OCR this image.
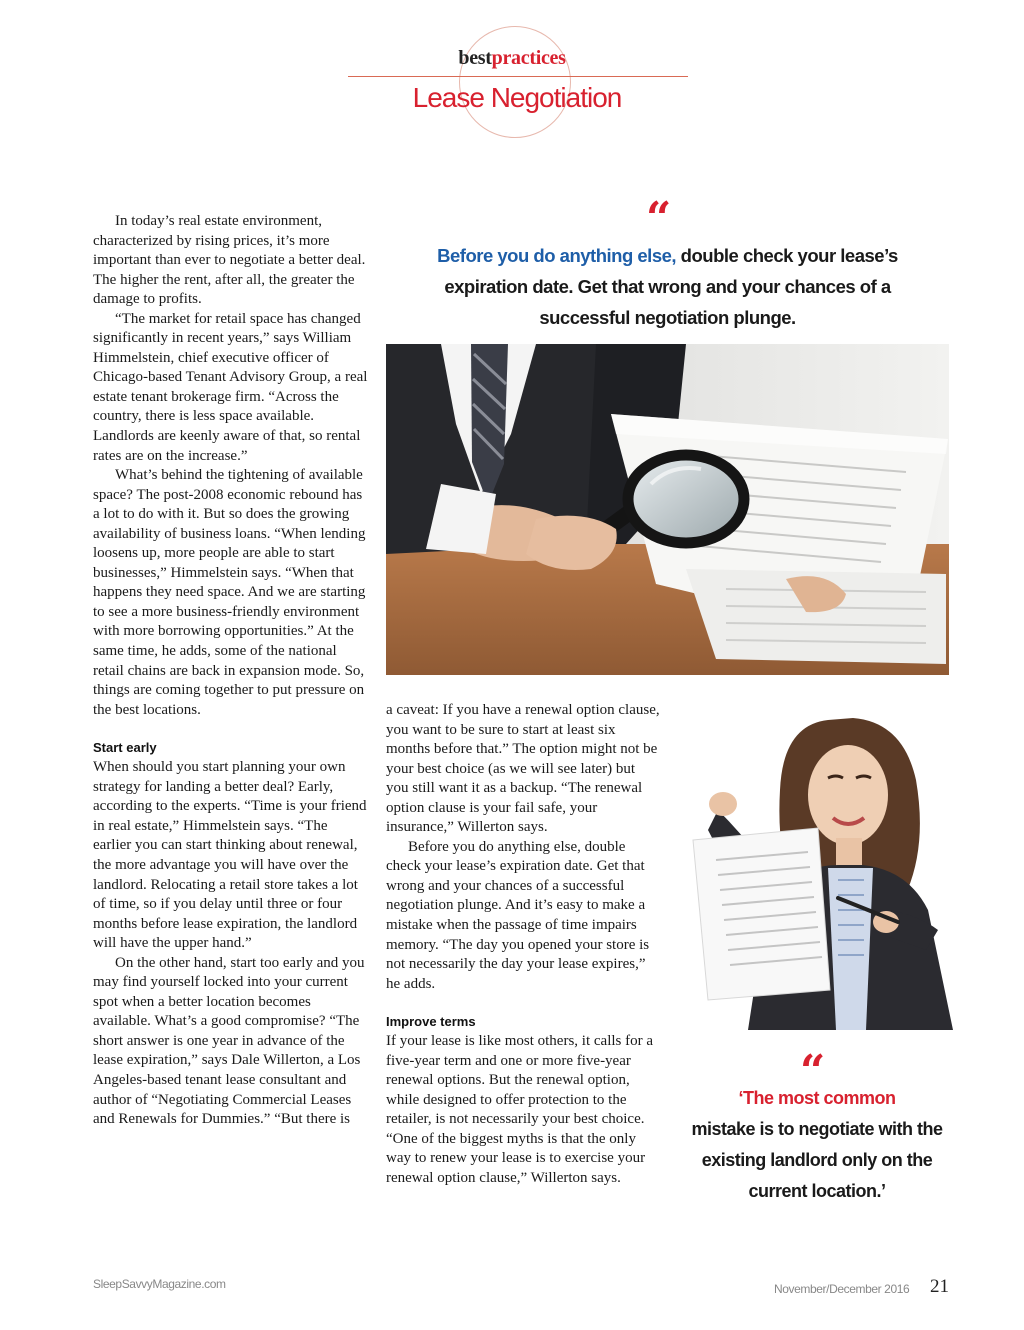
bestpractices
Lease Negotiation

In today’s real estate environment, characterized by rising prices, it’s more important than ever to negotiate a better deal. The higher the rent, after all, the greater the damage to profits.

“The market for retail space has changed significantly in recent years,” says William Himmelstein, chief executive officer of Chicago-based Tenant Advisory Group, a real estate tenant brokerage firm. “Across the country, there is less space available. Landlords are keenly aware of that, so rental rates are on the increase.”

What’s behind the tightening of available space? The post-2008 economic rebound has a lot to do with it. But so does the growing availability of business loans. “When lending loosens up, more people are able to start businesses,” Himmelstein says. “When that happens they need space. And we are starting to see a more business-friendly environment with more borrowing opportunities.” At the same time, he adds, some of the national retail chains are back in expansion mode. So, things are coming together to put pressure on the best locations.

Start early

When should you start planning your own strategy for landing a better deal? Early, according to the experts. “Time is your friend in real estate,” Himmelstein says. “The earlier you can start thinking about renewal, the more advantage you will have over the landlord. Relocating a retail store takes a lot of time, so if you delay until three or four months before lease expiration, the landlord will have the upper hand.”

On the other hand, start too early and you may find yourself locked into your current spot when a better location becomes available. What’s a good compromise? “The short answer is one year in advance of the lease expiration,” says Dale Willerton, a Los Angeles-based tenant lease consultant and author of “Negotiating Commercial Leases and Renewals for Dummies.” “But there is

“
Before you do anything else, double check your lease’s expiration date. Get that wrong and your chances of a successful negotiation plunge.

a caveat: If you have a renewal option clause, you want to be sure to start at least six months before that.” The option might not be your best choice (as we will see later) but you still want it as a backup. “The renewal option clause is your fail safe, your insurance,” Willerton says.

Before you do anything else, double check your lease’s expiration date. Get that wrong and your chances of a successful negotiation plunge. And it’s easy to make a mistake when the passage of time impairs memory. “The day you opened your store is not necessarily the day your lease expires,” he adds.

Improve terms

If your lease is like most others, it calls for a five-year term and one or more five-year renewal options. But the renewal option, while designed to offer protection to the retailer, is not necessarily your best choice. “One of the biggest myths is that the only way to renew your lease is to exercise your renewal option clause,” Willerton says.

“
‘The most common
mistake is to negotiate with the existing landlord only on the current location.’
SleepSavvyMagazine.com	November/December 2016 21
